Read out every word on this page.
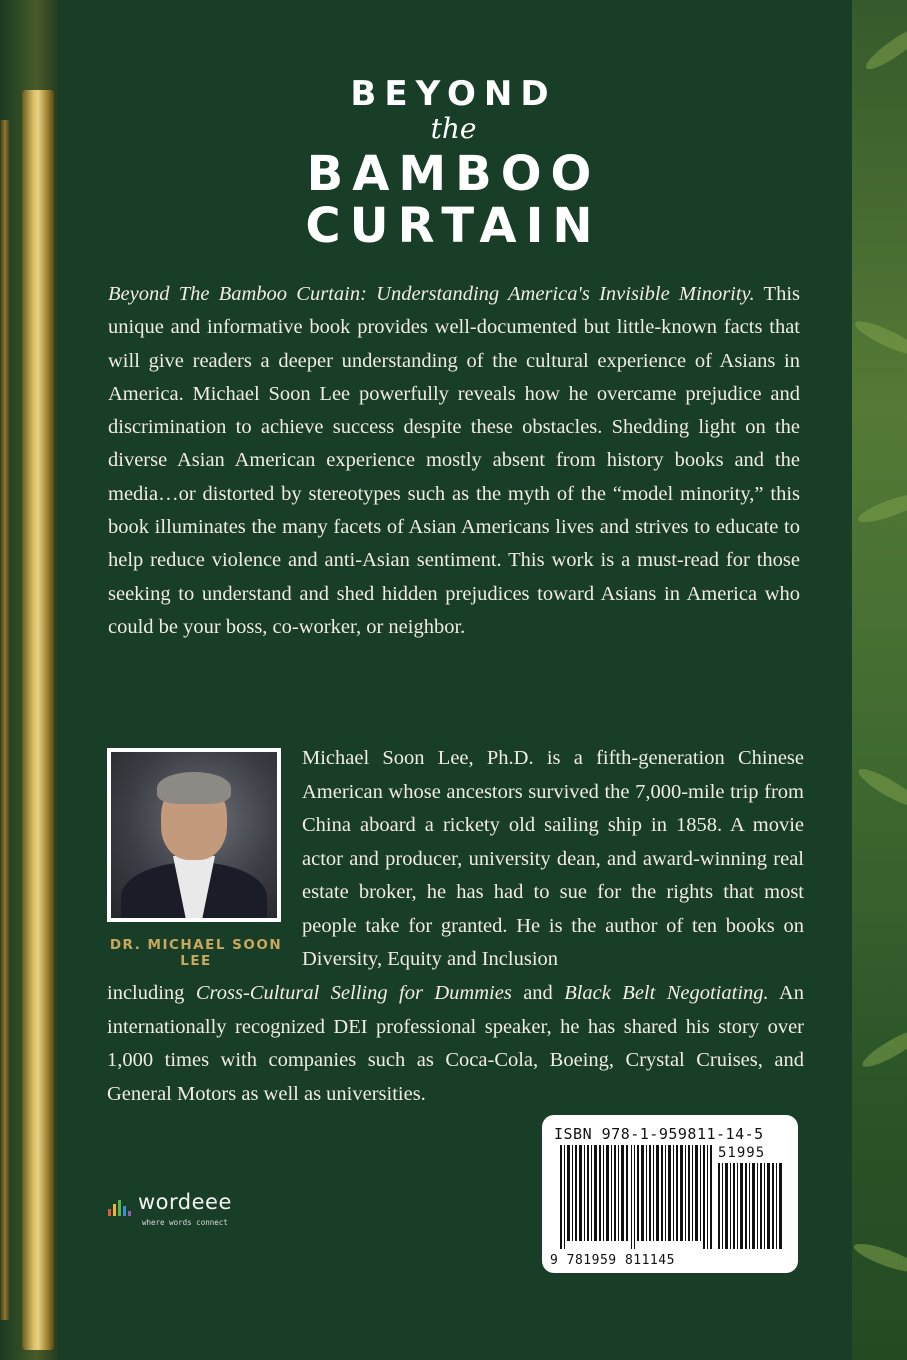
BEYOND
the
BAMBOO
CURTAIN

Beyond The Bamboo Curtain: Understanding America's Invisible Minority. This unique and informative book provides well-documented but little-known facts that will give readers a deeper understanding of the cultural experience of Asians in America. Michael Soon Lee powerfully reveals how he overcame prejudice and discrimination to achieve success despite these obstacles. Shedding light on the diverse Asian American experience mostly absent from history books and the media…or distorted by stereotypes such as the myth of the “model minority,” this book illuminates the many facets of Asian Americans lives and strives to educate to help reduce violence and anti-Asian sentiment. This work is a must-read for those seeking to understand and shed hidden prejudices toward Asians in America who could be your boss, co-worker, or neighbor.

DR. MICHAEL SOON LEE

Michael Soon Lee, Ph.D. is a fifth-generation Chinese American whose ancestors survived the 7,000-mile trip from China aboard a rickety old sailing ship in 1858. A movie actor and producer, university dean, and award-winning real estate broker, he has had to sue for the rights that most people take for granted. He is the author of ten books on Diversity, Equity and Inclusion

including Cross-Cultural Selling for Dummies and Black Belt Negotiating. An internationally recognized DEI professional speaker, he has shared his story over 1,000 times with companies such as Coca-Cola, Boeing, Crystal Cruises, and General Motors as well as universities.

wordeee
where words connect
ISBN 978-1-959811-14-5
51995
9 781959 811145
